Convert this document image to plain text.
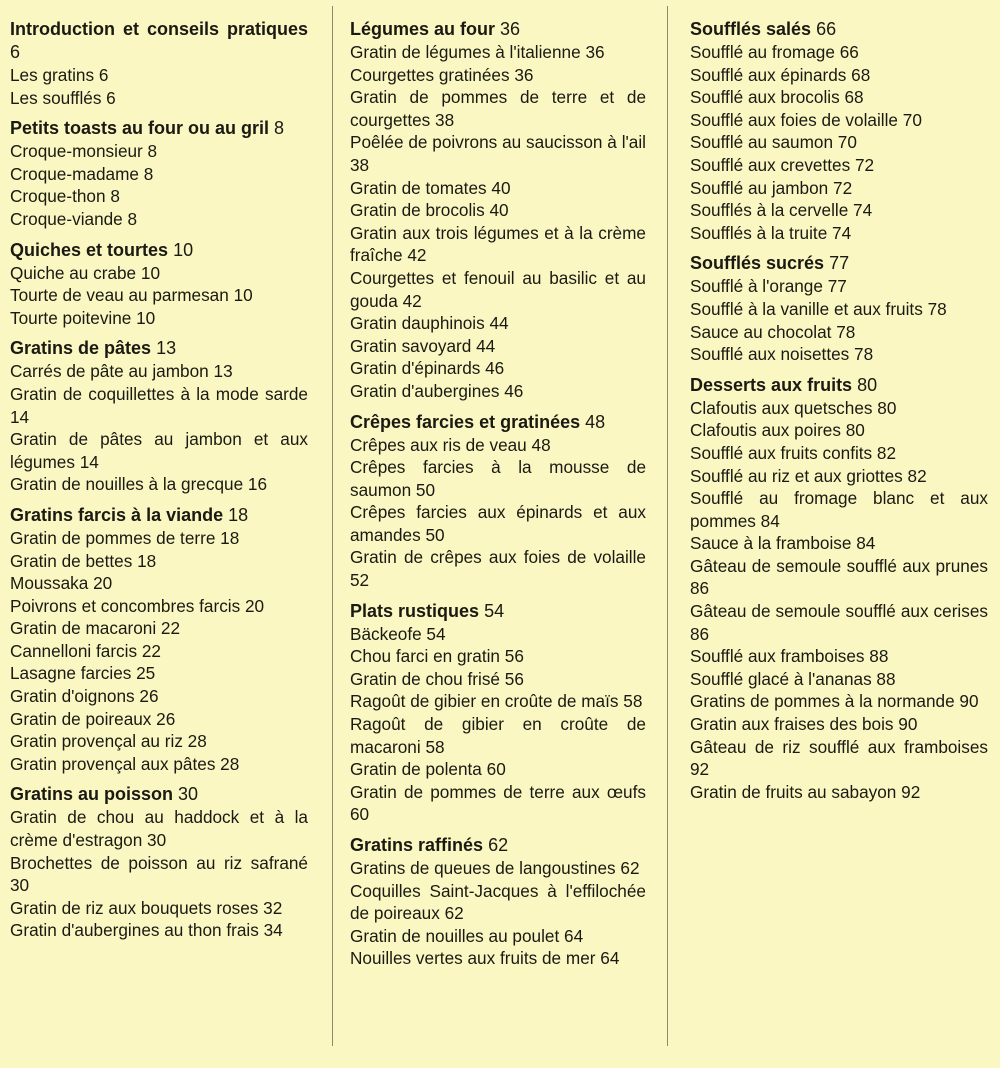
Introduction et conseils pratiques 6

Les gratins 6

Les soufflés 6

Petits toasts au four ou au gril 8

Croque-monsieur 8

Croque-madame 8

Croque-thon 8

Croque-viande 8

Quiches et tourtes 10

Quiche au crabe 10

Tourte de veau au parmesan 10

Tourte poitevine 10

Gratins de pâtes 13

Carrés de pâte au jambon 13

Gratin de coquillettes à la mode sarde 14

Gratin de pâtes au jambon et aux légumes 14

Gratin de nouilles à la grecque 16

Gratins farcis à la viande 18

Gratin de pommes de terre 18

Gratin de bettes 18

Moussaka 20

Poivrons et concombres farcis 20

Gratin de macaroni 22

Cannelloni farcis 22

Lasagne farcies 25

Gratin d'oignons 26

Gratin de poireaux 26

Gratin provençal au riz 28

Gratin provençal aux pâtes 28

Gratins au poisson 30

Gratin de chou au haddock et à la crème d'estragon 30

Brochettes de poisson au riz safrané 30

Gratin de riz aux bouquets roses 32

Gratin d'aubergines au thon frais 34

Légumes au four 36

Gratin de légumes à l'italienne 36

Courgettes gratinées 36

Gratin de pommes de terre et de courgettes 38

Poêlée de poivrons au saucisson à l'ail 38

Gratin de tomates 40

Gratin de brocolis 40

Gratin aux trois légumes et à la crème fraîche 42

Courgettes et fenouil au basilic et au gouda 42

Gratin dauphinois 44

Gratin savoyard 44

Gratin d'épinards 46

Gratin d'aubergines 46

Crêpes farcies et gratinées 48

Crêpes aux ris de veau 48

Crêpes farcies à la mousse de saumon 50

Crêpes farcies aux épinards et aux amandes 50

Gratin de crêpes aux foies de volaille 52

Plats rustiques 54

Bäckeofe 54

Chou farci en gratin 56

Gratin de chou frisé 56

Ragoût de gibier en croûte de maïs 58

Ragoût de gibier en croûte de macaroni 58

Gratin de polenta 60

Gratin de pommes de terre aux œufs 60

Gratins raffinés 62

Gratins de queues de langoustines 62

Coquilles Saint-Jacques à l'effilochée de poireaux 62

Gratin de nouilles au poulet 64

Nouilles vertes aux fruits de mer 64

Soufflés salés 66

Soufflé au fromage 66

Soufflé aux épinards 68

Soufflé aux brocolis 68

Soufflé aux foies de volaille 70

Soufflé au saumon 70

Soufflé aux crevettes 72

Soufflé au jambon 72

Soufflés à la cervelle 74

Soufflés à la truite 74

Soufflés sucrés 77

Soufflé à l'orange 77

Soufflé à la vanille et aux fruits 78

Sauce au chocolat 78

Soufflé aux noisettes 78

Desserts aux fruits 80

Clafoutis aux quetsches 80

Clafoutis aux poires 80

Soufflé aux fruits confits 82

Soufflé au riz et aux griottes 82

Soufflé au fromage blanc et aux pommes 84

Sauce à la framboise 84

Gâteau de semoule soufflé aux prunes 86

Gâteau de semoule soufflé aux cerises 86

Soufflé aux framboises 88

Soufflé glacé à l'ananas 88

Gratins de pommes à la normande 90

Gratin aux fraises des bois 90

Gâteau de riz soufflé aux framboises 92

Gratin de fruits au sabayon 92
